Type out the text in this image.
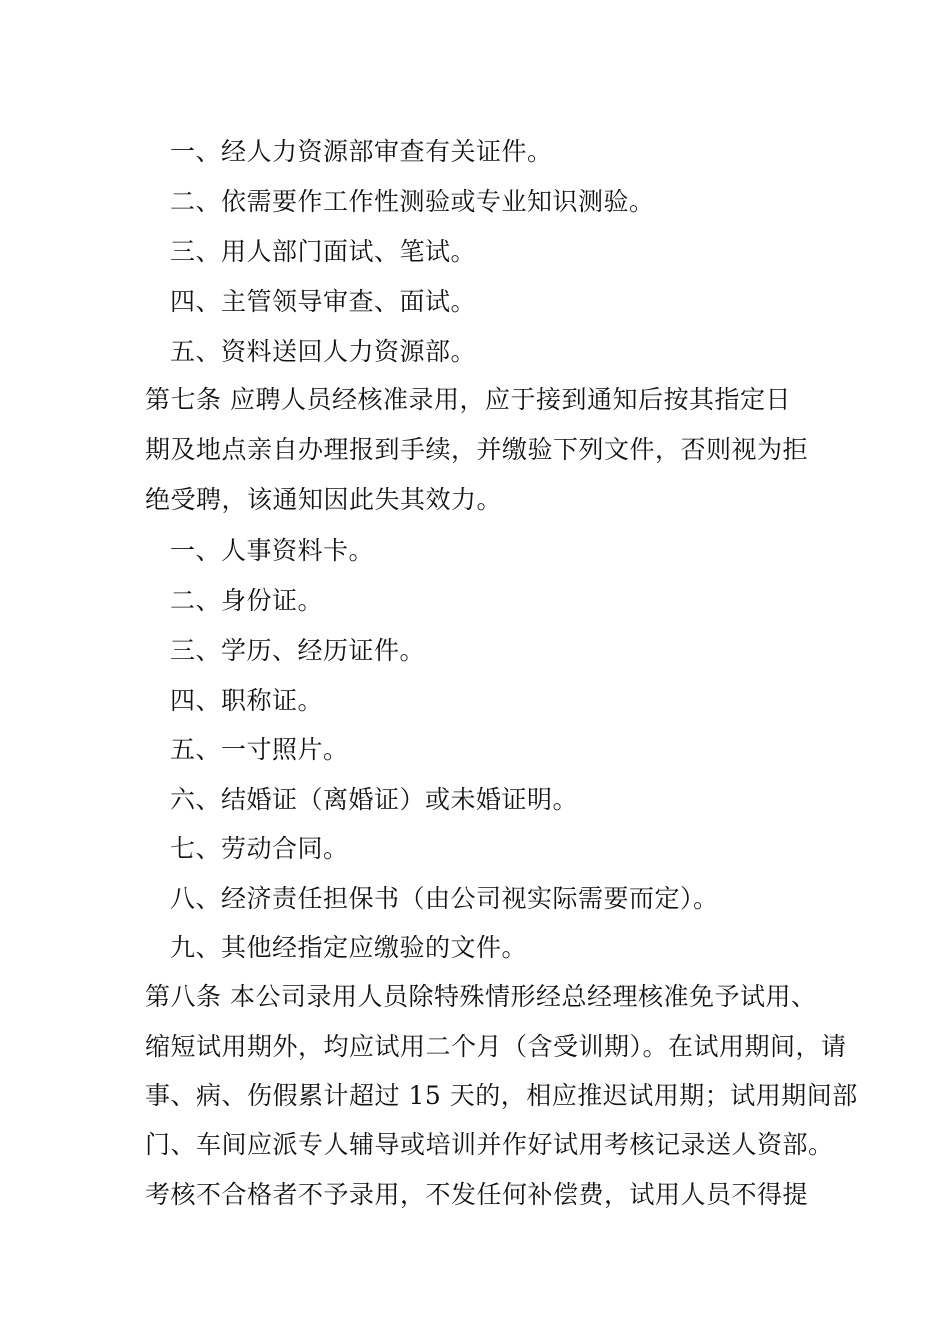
一、经人力资源部审查有关证件。
二、依需要作工作性测验或专业知识测验。
三、用人部门面试、笔试。
四、主管领导审查、面试。
五、资料送回人力资源部。
第七条 应聘人员经核准录用，应于接到通知后按其指定日
期及地点亲自办理报到手续，并缴验下列文件，否则视为拒
绝受聘，该通知因此失其效力。
一、人事资料卡。
二、身份证。
三、学历、经历证件。
四、职称证。
五、一寸照片。
六、结婚证（离婚证）或未婚证明。
七、劳动合同。
八、经济责任担保书（由公司视实际需要而定）。
九、其他经指定应缴验的文件。
第八条 本公司录用人员除特殊情形经总经理核准免予试用、
缩短试用期外，均应试用二个月（含受训期）。在试用期间，请
事、病、伤假累计超过 15 天的，相应推迟试用期；试用期间部
门、车间应派专人辅导或培训并作好试用考核记录送人资部。
考核不合格者不予录用，不发任何补偿费，试用人员不得提
